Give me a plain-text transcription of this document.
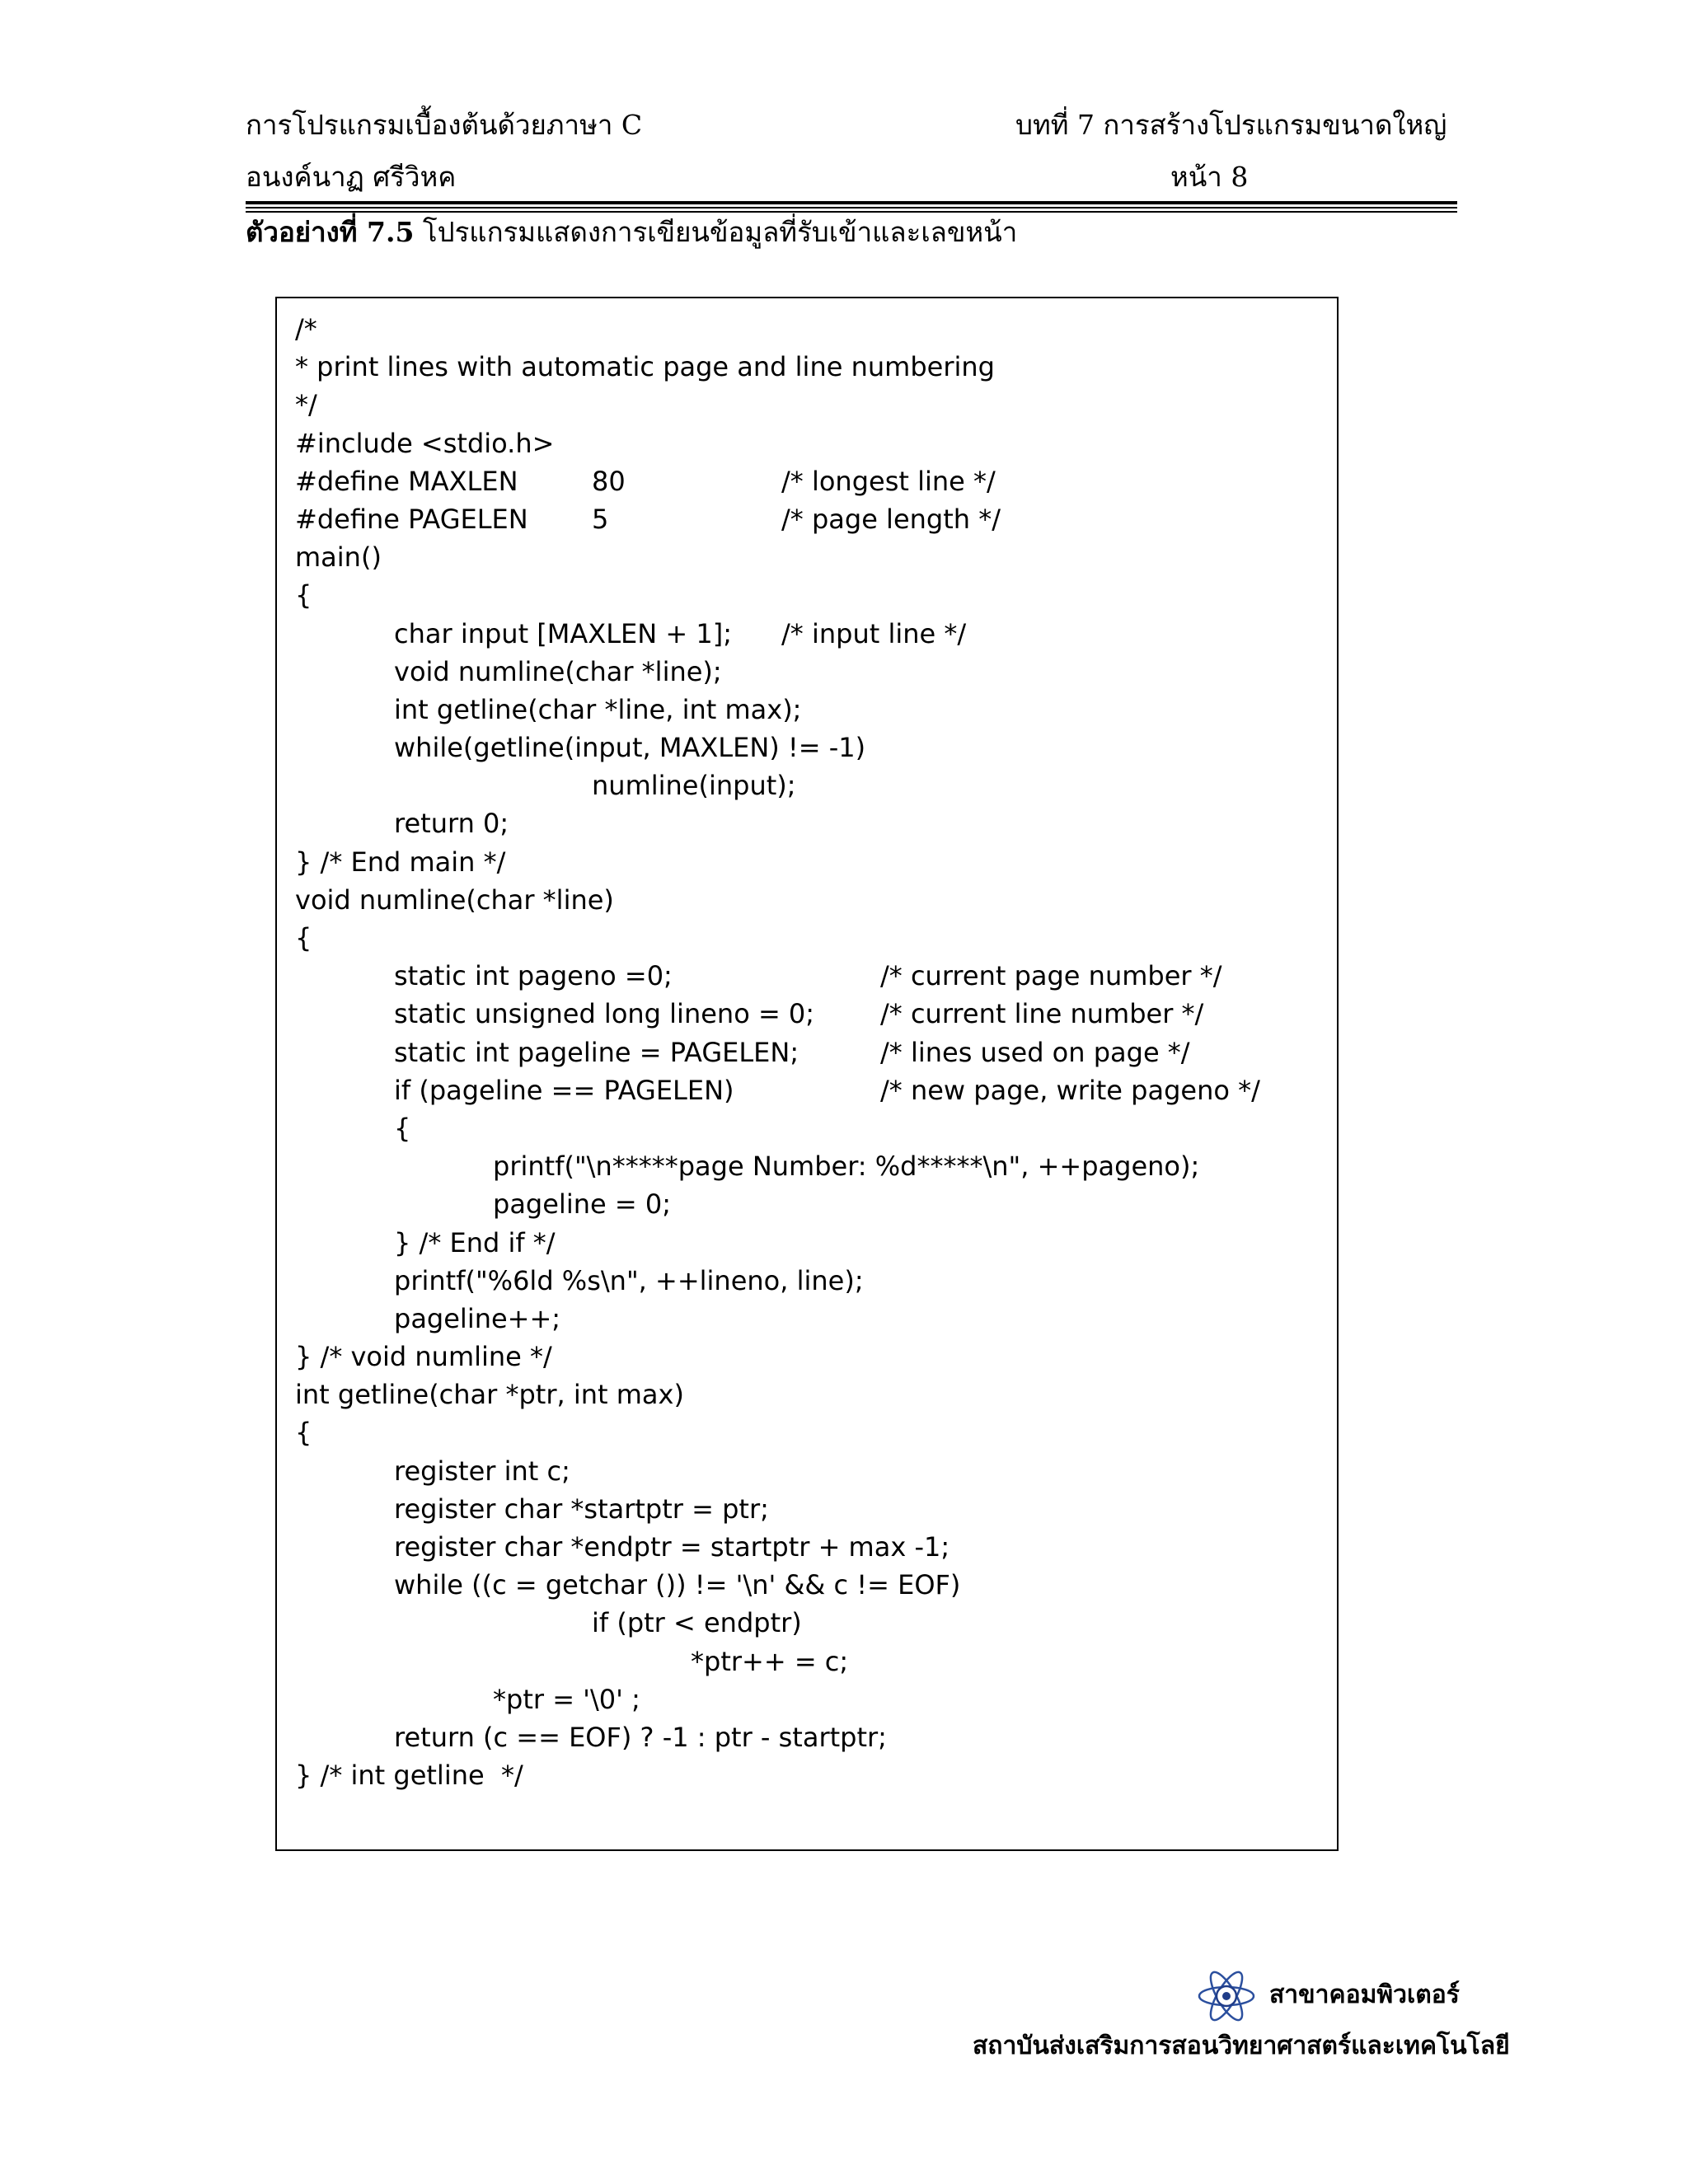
การโปรแกรมเบื้องต้นด้วยภาษา C
อนงค์นาฏ ศรีวิหค
บทที่ 7 การสร้างโปรแกรมขนาดใหญ่
หน้า 8
ตัวอย่างที่ 7.5 โปรแกรมแสดงการเขียนข้อมูลที่รับเข้าและเลขหน้า
/*
* print lines with automatic page and line numbering
*/
#include <stdio.h>
#define MAXLEN	80	/* longest line */
#define PAGELEN 5	/* page length */
main()
{
char input [MAXLEN + 1]; /* input line */
void numline(char *line);
int getline(char *line, int max);
while(getline(input, MAXLEN) != -1)
numline(input);
return 0;
} /* End main */
void numline(char *line)
{
static int pageno =0;	/* current page number */
static unsigned long lineno = 0; /* current line number */
static int pageline = PAGELEN;	/* lines used on page */
if (pageline == PAGELEN)	/* new page, write pageno */
{
printf("\n*****page Number: %d*****\n", ++pageno);
pageline = 0;
} /* End if */
printf("%6ld %s\n", ++lineno, line);
pageline++;
} /* void numline */
int getline(char *ptr, int max)
{
register int c;
register char *startptr = ptr;
register char *endptr = startptr + max -1;
while ((c = getchar ()) != '\n' && c != EOF)
if (ptr < endptr)
*ptr++ = c;
*ptr = '\0' ;
return (c == EOF) ? -1 : ptr - startptr;
} /* int getline  */
สาขาคอมพิวเตอร์
สถาบันส่งเสริมการสอนวิทยาศาสตร์และเทคโนโลยี
